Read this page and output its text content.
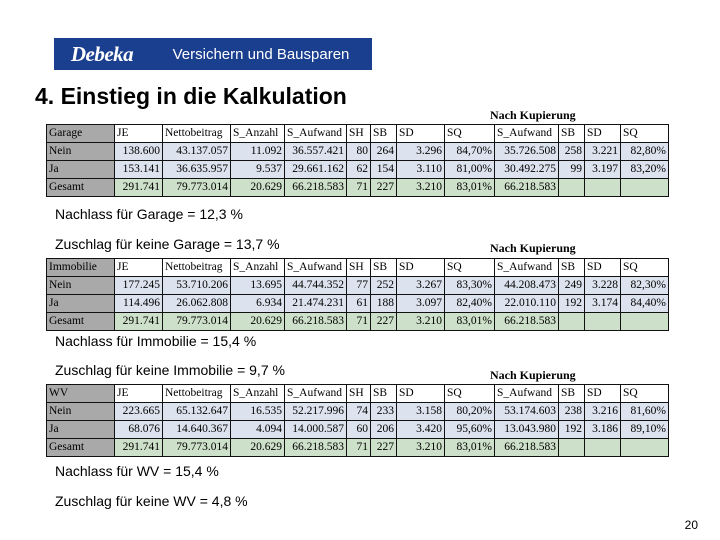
Debeka	Versichern und Bausparen
4. Einstieg in die Kalkulation
Nach Kupierung
Garage	JE	Nettobeitrag	S_Anzahl	S_Aufwand	SH	SB	SD	SQ	S_Aufwand	SB	SD	SQ
Nein	138.600	43.137.057	11.092	36.557.421	80	264	3.296	84,70%	35.726.508	258	3.221	82,80%
Ja	153.141	36.635.957	9.537	29.661.162	62	154	3.110	81,00%	30.492.275	99	3.197	83,20%
Gesamt	291.741	79.773.014	20.629	66.218.583	71	227	3.210	83,01%	66.218.583			
Nachlass für Garage = 12,3 %
Zuschlag für keine Garage = 13,7 %	Nach Kupierung
Immobilie	JE	Nettobeitrag	S_Anzahl	S_Aufwand	SH	SB	SD	SQ	S_Aufwand	SB	SD	SQ
Nein	177.245	53.710.206	13.695	44.744.352	77	252	3.267	83,30%	44.208.473	249	3.228	82,30%
Ja	114.496	26.062.808	6.934	21.474.231	61	188	3.097	82,40%	22.010.110	192	3.174	84,40%
Gesamt	291.741	79.773.014	20.629	66.218.583	71	227	3.210	83,01%	66.218.583			
Nachlass für Immobilie = 15,4 %
Zuschlag für keine Immobilie = 9,7 %	Nach Kupierung
WV	JE	Nettobeitrag	S_Anzahl	S_Aufwand	SH	SB	SD	SQ	S_Aufwand	SB	SD	SQ
Nein	223.665	65.132.647	16.535	52.217.996	74	233	3.158	80,20%	53.174.603	238	3.216	81,60%
Ja	68.076	14.640.367	4.094	14.000.587	60	206	3.420	95,60%	13.043.980	192	3.186	89,10%
Gesamt	291.741	79.773.014	20.629	66.218.583	71	227	3.210	83,01%	66.218.583			
Nachlass für WV = 15,4 %
Zuschlag für keine WV = 4,8 %
20
